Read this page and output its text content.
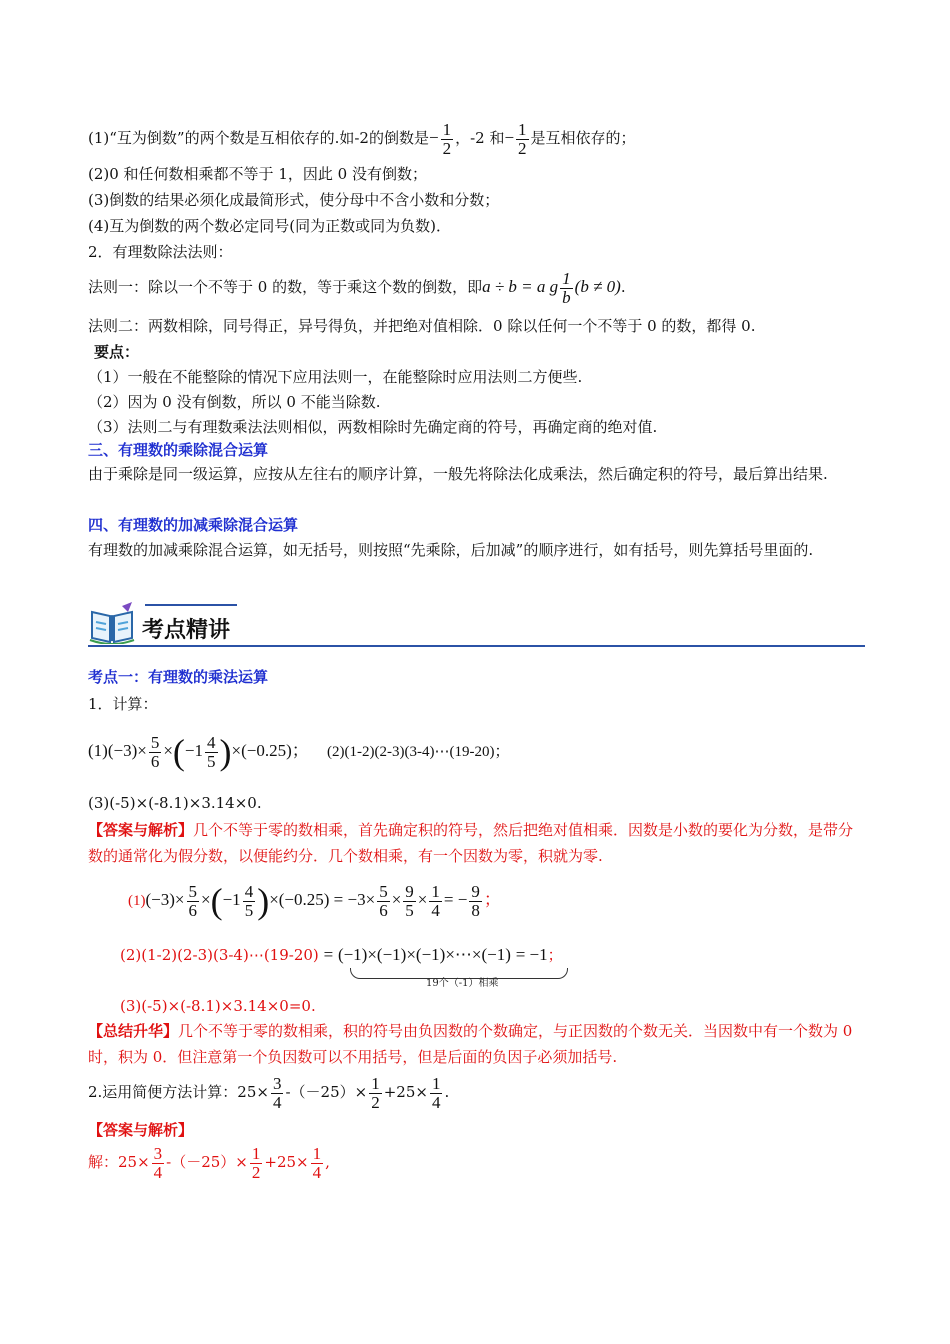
(1)“互为倒数”的两个数是互相依存的.如-2的倒数是− $\frac{1}{2}$ ，-2 和− $\frac{1}{2}$ 是互相依存的；
(2)0 和任何数相乘都不等于 1，因此 0 没有倒数；
(3)倒数的结果必须化成最简形式，使分母中不含小数和分数；
(4)互为倒数的两个数必定同号(同为正数或同为负数)．
2．有理数除法法则：
法则一：除以一个不等于 0 的数，等于乘这个数的倒数，即a ÷ b = a g $\frac{1}{b} (b \ne 0)$.
法则二：两数相除，同号得正，异号得负，并把绝对值相除．0 除以任何一个不等于 0 的数，都得 0.
要点：
（1）一般在不能整除的情况下应用法则一，在能整除时应用法则二方便些.
（2）因为 0 没有倒数，所以 0 不能当除数.
（3）法则二与有理数乘法法则相似，两数相除时先确定商的符号，再确定商的绝对值.
三、有理数的乘除混合运算
由于乘除是同一级运算，应按从左往右的顺序计算，一般先将除法化成乘法，然后确定积的符号，最后算出结果.
四、有理数的加减乘除混合运算
有理数的加减乘除混合运算，如无括号，则按照“先乘除，后加减”的顺序进行，如有括号，则先算括号里面的.
考点精讲
考点一：有理数的乘法运算
1．计算：
$(1)(-3)\times \frac{5}{6} \times(-1 \frac{4}{5} )\times(-0.25)$； (2)(1-2)(2-3)(3-4)⋯(19-20)；
(3)(-5)×(-8.1)×3.14×0.
【答案与解析】几个不等于零的数相乘，首先确定积的符号，然后把绝对值相乘．因数是小数的要化为分数，是带分数的通常化为假分数，以便能约分．几个数相乘，有一个因数为零，积就为零.
$(1)(-3)\times \frac{5}{6} \times(-1 \frac{4}{5} )\times(-0.25) = -3\times \frac{5}{6} \times \frac{9}{5} \times \frac{1}{4}$ = − $\frac{9}{8}$ ；
(2)(1-2)(2-3)(3-4)⋯(19-20) = (−1)×(−1)×(−1)×⋯×(−1) = −1；
19个（-1）相乘
(3)(-5)×(-8.1)×3.14×0=0.
【总结升华】几个不等于零的数相乘，积的符号由负因数的个数确定，与正因数的个数无关．当因数中有一个数为 0 时，积为 0．但注意第一个负因数可以不用括号，但是后面的负因子必须加括号.
2.运用简便方法计算：$25\times \frac{3}{4} -(-25)\times \frac{1}{2} +25\times \frac{1}{4}$ .
【答案与解析】
解：$25\times \frac{3}{4} -(-25)\times \frac{1}{2} +25\times \frac{1}{4}$ ,
